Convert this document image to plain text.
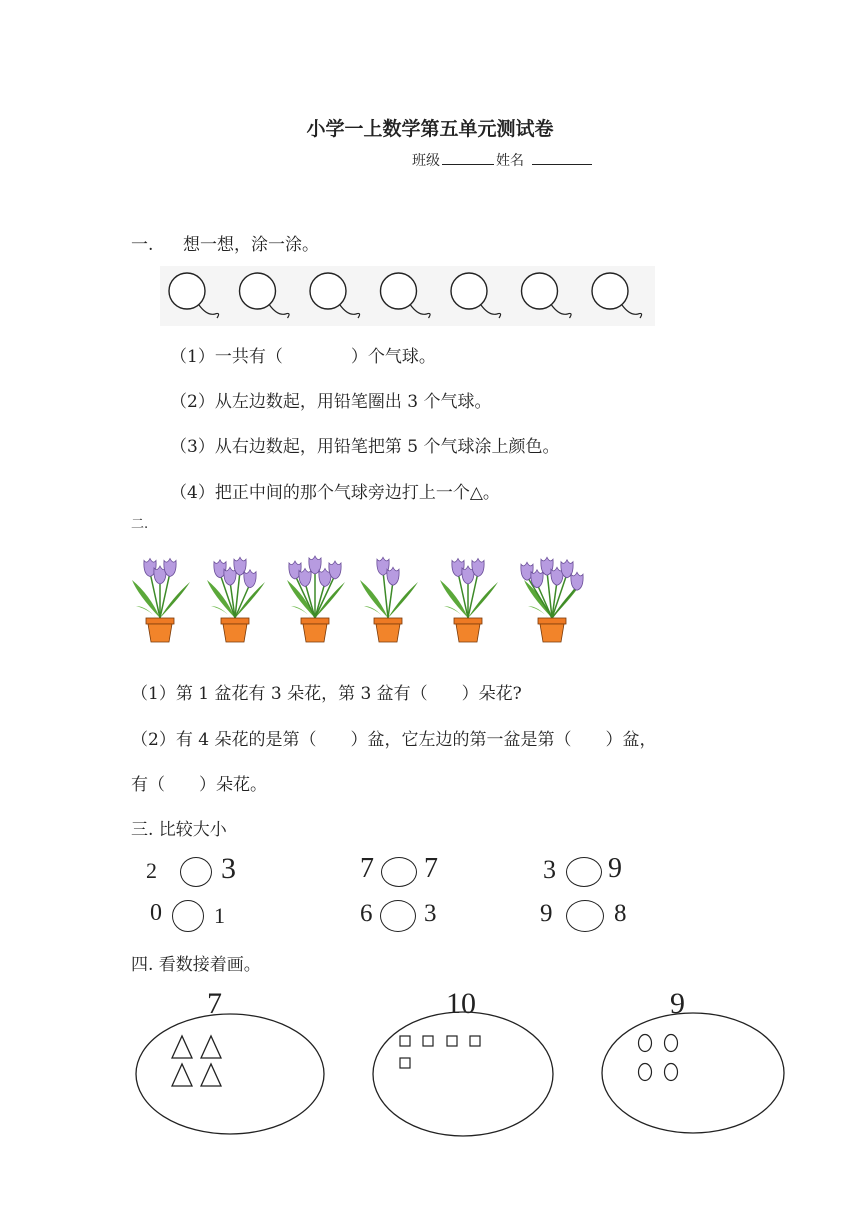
小学一上数学第五单元测试卷
班级	姓名
一. 想一想，涂一涂。
（1）一共有（　　　　）个气球。
（2）从左边数起，用铅笔圈出 3 个气球。
（3）从右边数起，用铅笔把第 5 个气球涂上颜色。
（4）把正中间的那个气球旁边打上一个△。
二.
（1）第 1 盆花有 3 朵花，第 3 盆有（　　）朵花?
（2）有 4 朵花的是第（　　）盆，它左边的第一盆是第（　　）盆，
有（　　）朵花。
三. 比较大小
2 3	7 7	3 9
0 1	6 3	9 8
四. 看数接着画。
7	10	9
